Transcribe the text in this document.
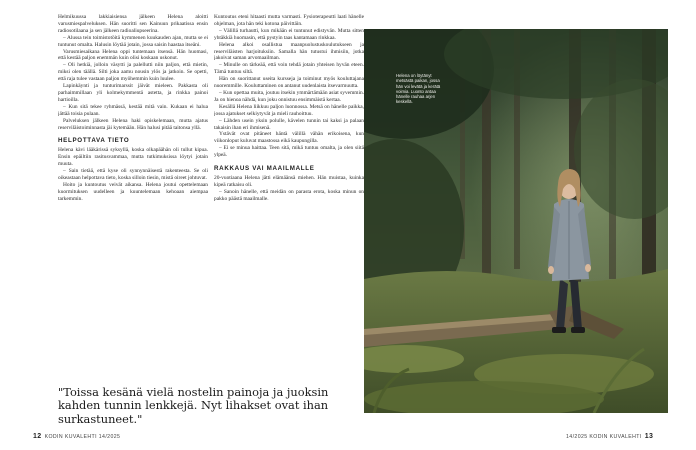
Helmikuussa lakkiaisiensa jälkeen Helena aloitti varusmiespalveluksen. Hän suoritti sen Kainuun prikaatissa ensin radiosotilaana ja sen jälkeen radioaliupseerina.

– Alussa tein toimistotöitä kymmenen kuukauden ajan, mutta se ei tuntunut omalta. Halusin löytää jotain, jossa saisin haastaa itseäni.

Varusmiesaikana Helena oppi tuntemaan itsensä. Hän huomasi, että kestää paljon enemmän kuin olisi koskaan uskonut.

– Oli hetkiä, jolloin väsytti ja palellutti niin paljon, että mietin, miksi olen täällä. Silti joka aamu nousin ylös ja jatkoin. Se opetti, että raja tulee vastaan paljon myöhemmin kuin luulee.

Lapinkäynti ja tunturimarssit jäivät mieleen. Pakkasta oli parhaimmillaan yli kolmekymmentä astetta, ja rinkka painoi hartioilla.

– Kun sitä tekee ryhmässä, kestää mitä vain. Kukaan ei halua jättää toisia pulaan.

Palveluksen jälkeen Helena haki opiskelemaan, mutta ajatus reserviläistoiminnasta jäi kytemään. Hän halusi pitää taitonsa yllä.

HELPOTTAVA TIETO

Helena kävi lääkärissä syksyllä, koska olkapäähän oli tullut kipua. Ensin epäiltiin rasitusvammaa, mutta tutkimuksissa löytyi jotain muuta.

– Sain tietää, että kyse oli synnynnäisestä rakenteesta. Se oli oikeastaan helpottava tieto, koska silloin tiesin, mistä oireet johtuvat.

Hoito ja kuntoutus veivät aikansa. Helena joutui opettelemaan kuormituksen uudelleen ja kuuntelemaan kehoaan aiempaa tarkemmin.

Kuntoutus eteni hitaasti mutta varmasti. Fysioterapeutti laati hänelle ohjelman, jota hän teki kotona päivittäin.

– Välillä turhautti, kun mikään ei tuntunut edistyvän. Mutta sitten yhtäkkiä huomasin, että pystyin taas kantamaan rinkkaa.

Helena alkoi osallistua maanpuolustuskoulutukseen ja reserviläisten harjoituksiin. Samalla hän tutustui ihmisiin, jotka jakoivat saman arvomaailman.

– Minulle on tärkeää, että voin tehdä jotain yhteisen hyvän eteen. Tämä tuntuu siltä.

Hän on suorittanut useita kursseja ja toiminut myös kouluttajana nuoremmille. Kouluttaminen on antanut uudenlaista itsevarmuutta.

– Kun opettaa muita, joutuu itsekin ymmärtämään asiat syvemmin. Ja on hienoa nähdä, kun joku onnistuu ensimmäistä kertaa.

Kesällä Helena liikkuu paljon luonnossa. Metsä on hänelle paikka, jossa ajatukset selkiytyvät ja mieli rauhoittuu.

– Lähden usein yksin polulle, kävelen tunnin tai kaksi ja palaan takaisin ihan eri ihmisenä.

Ystävät ovat pitäneet häntä välillä vähän erikoisena, kun viikonloput kuluvat maastossa eikä kaupungilla.

– Ei se minua haittaa. Teen sitä, mikä tuntuu omalta, ja olen siitä ylpeä.

RAKKAUS VAI MAAILMALLE

20-vuotiaana Helena jätti elämäänsä miehen. Hän muistaa, kuinka kipeä ratkaisu oli.

– Sanoin hänelle, että meidän on parasta erota, koska minun on pakko päästä maailmalle.

"Toissa kesänä vielä nostelin painoja ja juoksin kahden tunnin lenkkejä. Nyt lihakset ovat ihan surkastuneet."
12 KODIN KUVALEHTI 14/2025	14/2025 KODIN KUVALEHTI 13
Helena on löytänyt metsästä paikan, jossa hän voi levätä ja kerätä voimia. Luonto antaa hänelle rauhaa arjen keskellä.
